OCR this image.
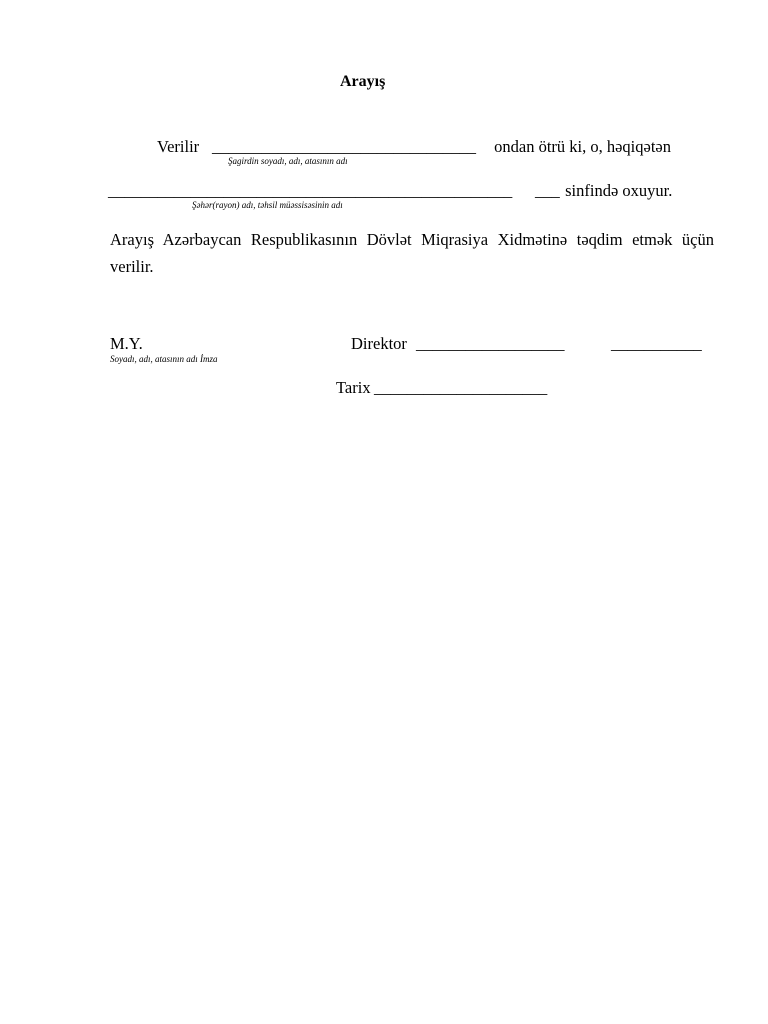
Arayış
Verilir ________________________________ ondan ötrü ki, o, həqiqətən
Şagirdin soyadı, adı, atasının adı
_________________________________________________ ___ sinfində oxuyur.
Şəhər(rayon) adı, təhsil müəssisəsinin adı
Arayış Azərbaycan Respublikasının Dövlət Miqrasiya Xidmətinə təqdim etmək üçün verilir.
M.Y.	Direktor __________________	___________
Soyadı, adı, atasının adı İmza
Tarix _____________________
